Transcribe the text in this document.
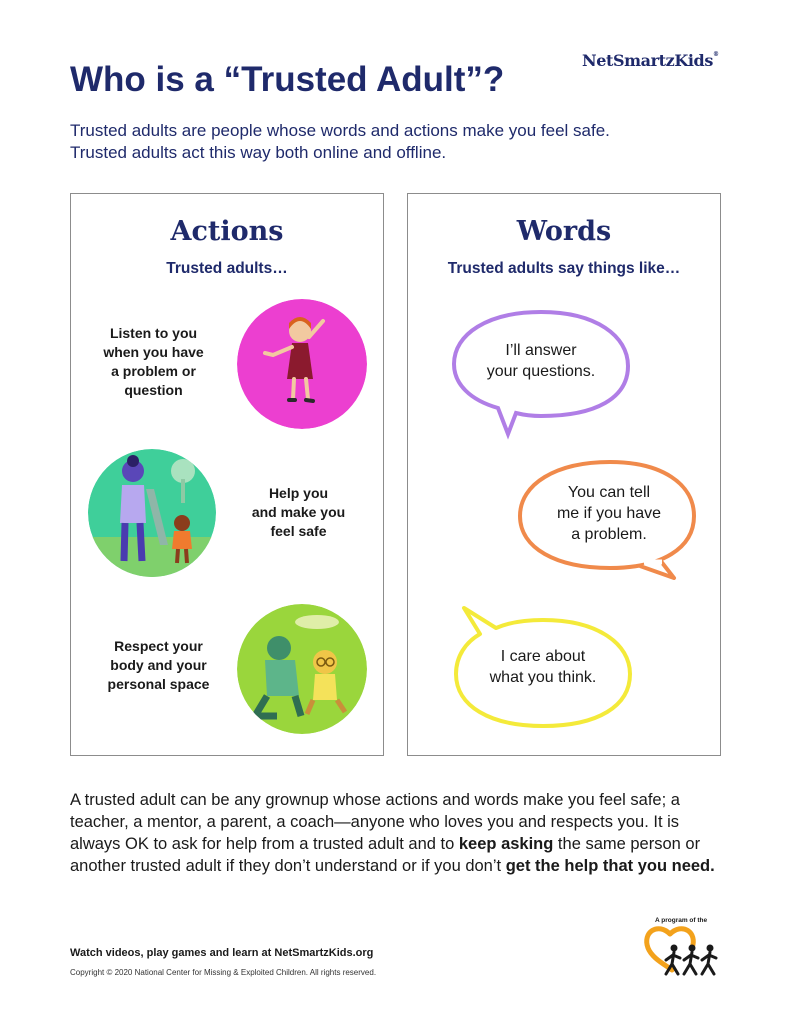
NetSmartzKids®
Who is a “Trusted Adult”?
Trusted adults are people whose words and actions make you feel safe.
Trusted adults act this way both online and offline.
Actions
Trusted adults…
Listen to you
when you have
a problem or
question
Help you
and make you
feel safe
Respect your
body and your
personal space
Words
Trusted adults say things like…
I’ll answer
your questions.
You can tell
me if you have
a problem.
I care about
what you think.
A trusted adult can be any grownup whose actions and words make you feel safe; a teacher, a mentor, a parent, a coach—anyone who loves you and respects you. It is always OK to ask for help from a trusted adult and to keep asking the same person or another trusted adult if they don’t understand or if you don’t get the help that you need.
Watch videos, play games and learn at NetSmartzKids.org
Copyright © 2020 National Center for Missing & Exploited Children. All rights reserved.
A program of the
